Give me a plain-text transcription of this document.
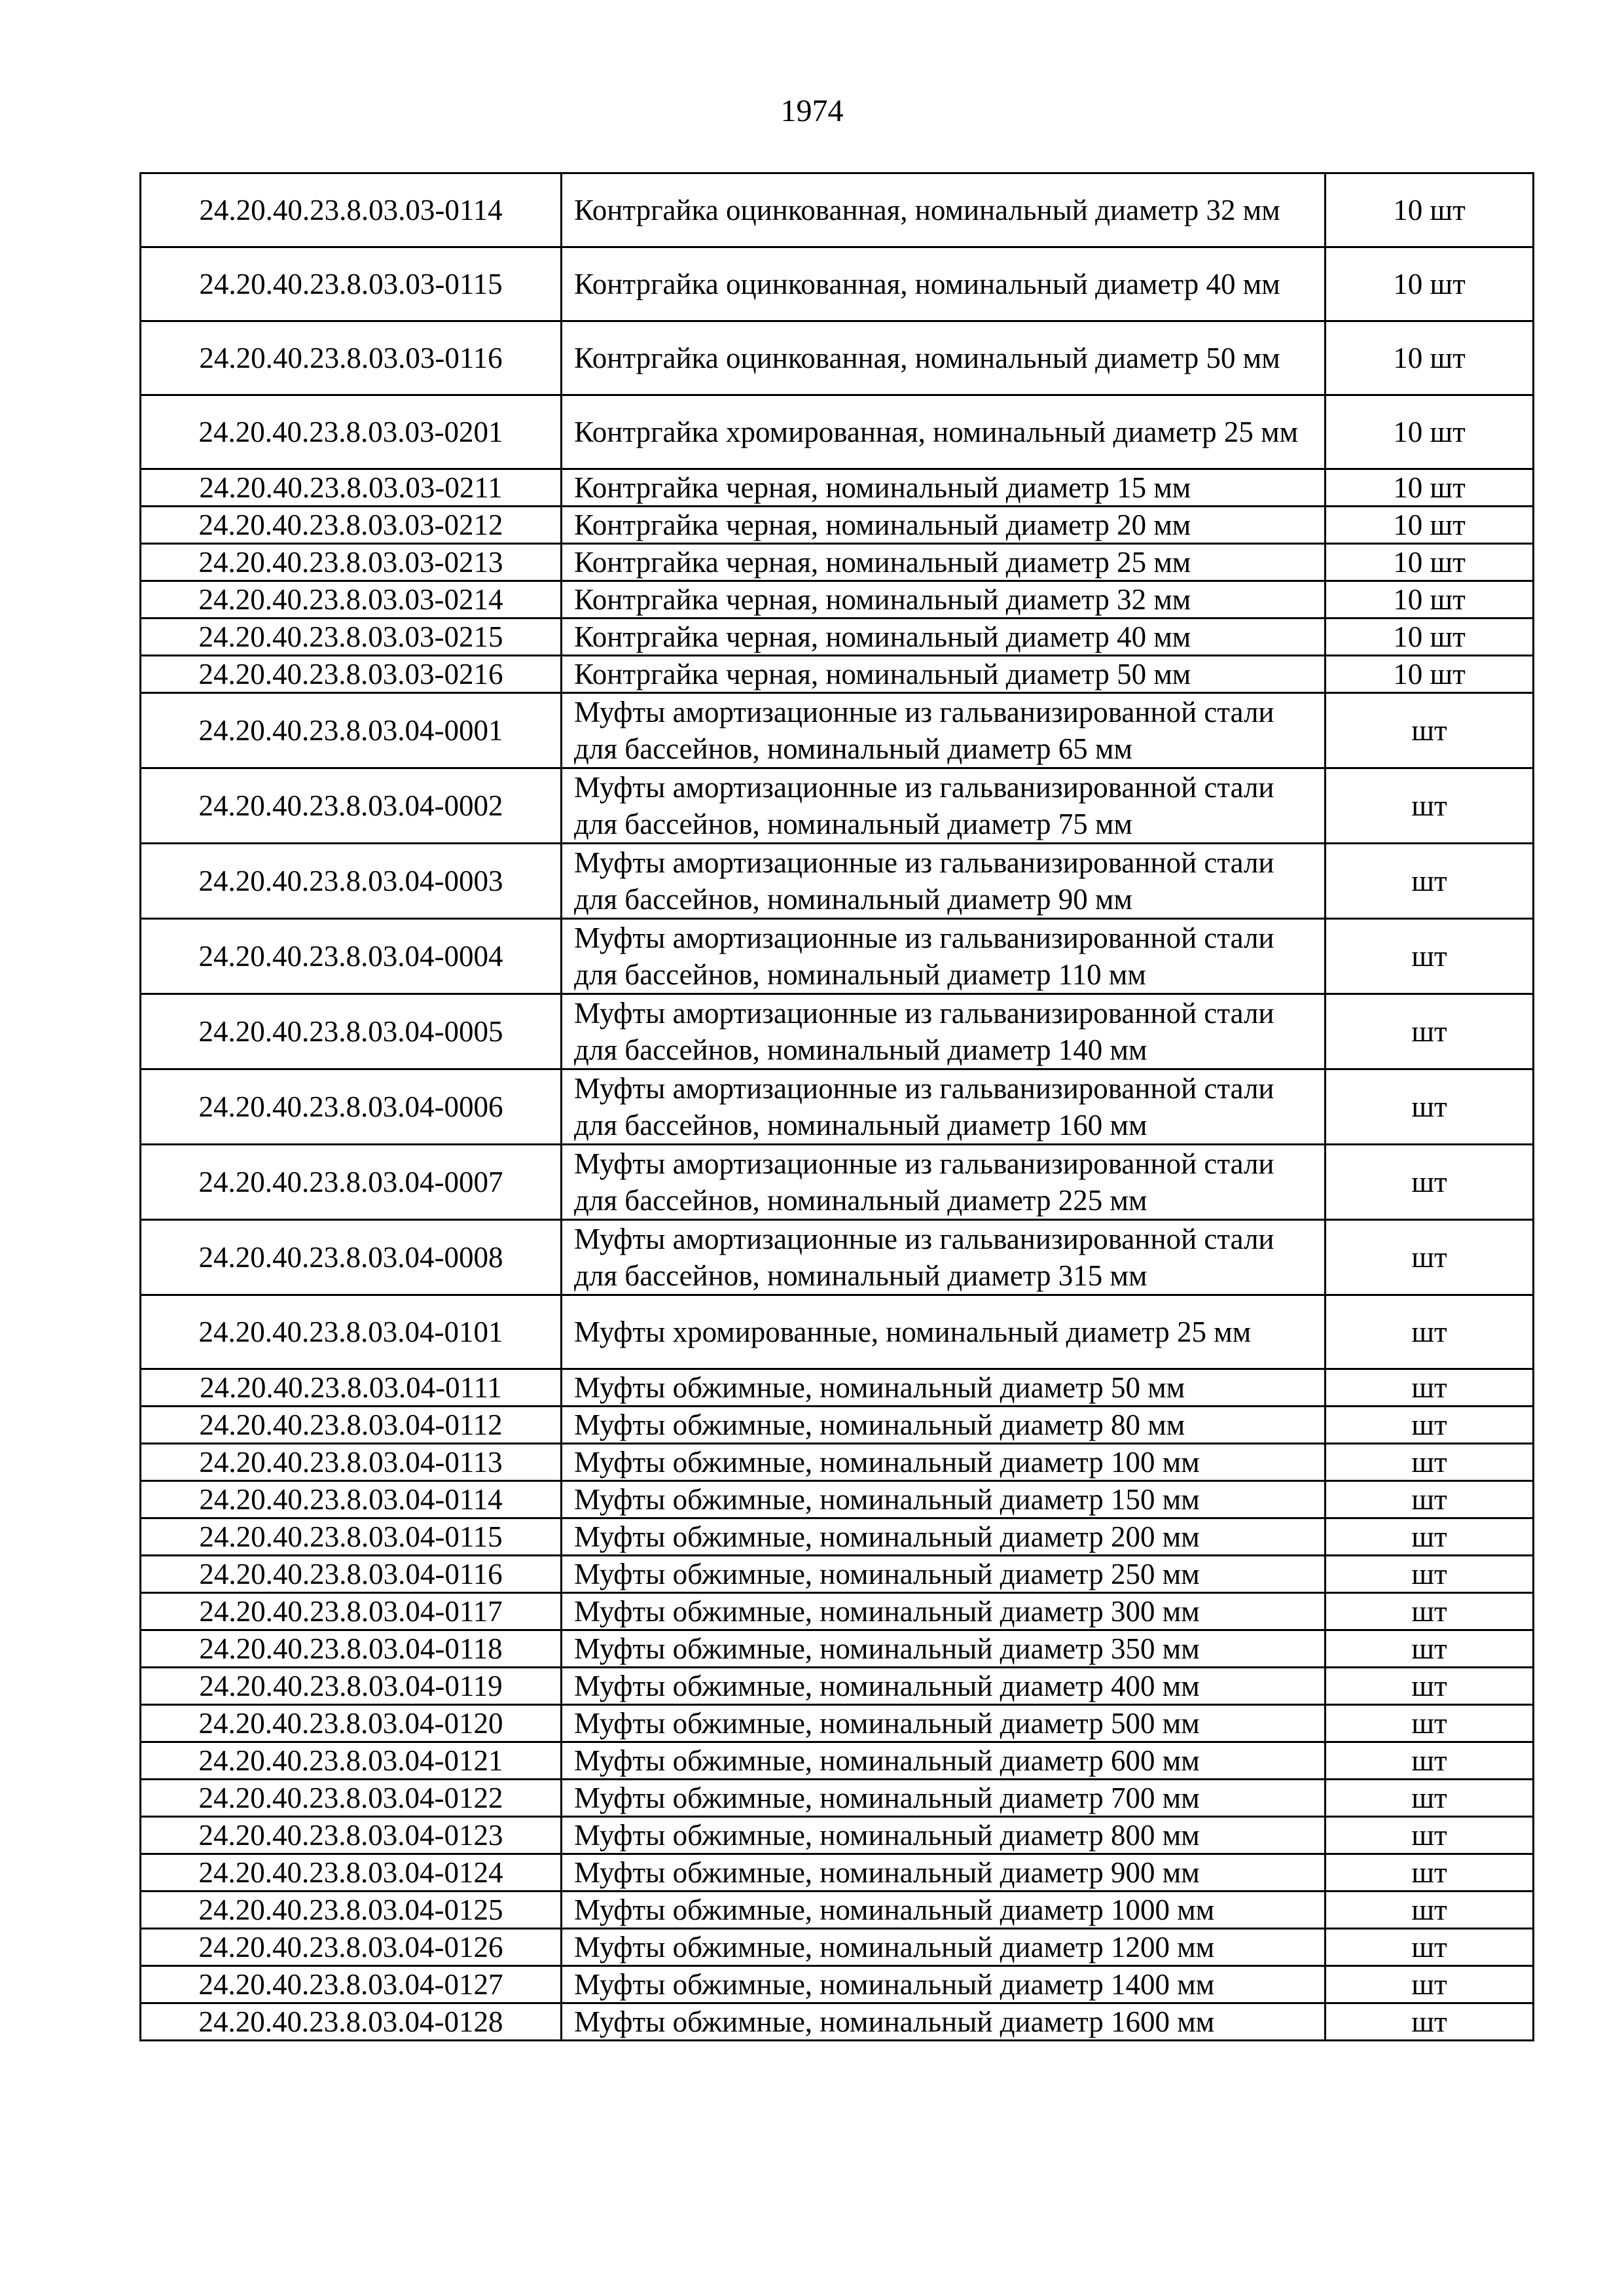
1974
24.20.40.23.8.03.03-0114	Контргайка оцинкованная, номинальный диаметр 32 мм	10 шт
24.20.40.23.8.03.03-0115	Контргайка оцинкованная, номинальный диаметр 40 мм	10 шт
24.20.40.23.8.03.03-0116	Контргайка оцинкованная, номинальный диаметр 50 мм	10 шт
24.20.40.23.8.03.03-0201	Контргайка хромированная, номинальный диаметр 25 мм	10 шт
24.20.40.23.8.03.03-0211	Контргайка черная, номинальный диаметр 15 мм	10 шт
24.20.40.23.8.03.03-0212	Контргайка черная, номинальный диаметр 20 мм	10 шт
24.20.40.23.8.03.03-0213	Контргайка черная, номинальный диаметр 25 мм	10 шт
24.20.40.23.8.03.03-0214	Контргайка черная, номинальный диаметр 32 мм	10 шт
24.20.40.23.8.03.03-0215	Контргайка черная, номинальный диаметр 40 мм	10 шт
24.20.40.23.8.03.03-0216	Контргайка черная, номинальный диаметр 50 мм	10 шт
24.20.40.23.8.03.04-0001	Муфты амортизационные из гальванизированной стали для бассейнов, номинальный диаметр 65 мм	шт
24.20.40.23.8.03.04-0002	Муфты амортизационные из гальванизированной стали для бассейнов, номинальный диаметр 75 мм	шт
24.20.40.23.8.03.04-0003	Муфты амортизационные из гальванизированной стали для бассейнов, номинальный диаметр 90 мм	шт
24.20.40.23.8.03.04-0004	Муфты амортизационные из гальванизированной стали для бассейнов, номинальный диаметр 110 мм	шт
24.20.40.23.8.03.04-0005	Муфты амортизационные из гальванизированной стали для бассейнов, номинальный диаметр 140 мм	шт
24.20.40.23.8.03.04-0006	Муфты амортизационные из гальванизированной стали для бассейнов, номинальный диаметр 160 мм	шт
24.20.40.23.8.03.04-0007	Муфты амортизационные из гальванизированной стали для бассейнов, номинальный диаметр 225 мм	шт
24.20.40.23.8.03.04-0008	Муфты амортизационные из гальванизированной стали для бассейнов, номинальный диаметр 315 мм	шт
24.20.40.23.8.03.04-0101	Муфты хромированные, номинальный диаметр 25 мм	шт
24.20.40.23.8.03.04-0111	Муфты обжимные, номинальный диаметр 50 мм	шт
24.20.40.23.8.03.04-0112	Муфты обжимные, номинальный диаметр 80 мм	шт
24.20.40.23.8.03.04-0113	Муфты обжимные, номинальный диаметр 100 мм	шт
24.20.40.23.8.03.04-0114	Муфты обжимные, номинальный диаметр 150 мм	шт
24.20.40.23.8.03.04-0115	Муфты обжимные, номинальный диаметр 200 мм	шт
24.20.40.23.8.03.04-0116	Муфты обжимные, номинальный диаметр 250 мм	шт
24.20.40.23.8.03.04-0117	Муфты обжимные, номинальный диаметр 300 мм	шт
24.20.40.23.8.03.04-0118	Муфты обжимные, номинальный диаметр 350 мм	шт
24.20.40.23.8.03.04-0119	Муфты обжимные, номинальный диаметр 400 мм	шт
24.20.40.23.8.03.04-0120	Муфты обжимные, номинальный диаметр 500 мм	шт
24.20.40.23.8.03.04-0121	Муфты обжимные, номинальный диаметр 600 мм	шт
24.20.40.23.8.03.04-0122	Муфты обжимные, номинальный диаметр 700 мм	шт
24.20.40.23.8.03.04-0123	Муфты обжимные, номинальный диаметр 800 мм	шт
24.20.40.23.8.03.04-0124	Муфты обжимные, номинальный диаметр 900 мм	шт
24.20.40.23.8.03.04-0125	Муфты обжимные, номинальный диаметр 1000 мм	шт
24.20.40.23.8.03.04-0126	Муфты обжимные, номинальный диаметр 1200 мм	шт
24.20.40.23.8.03.04-0127	Муфты обжимные, номинальный диаметр 1400 мм	шт
24.20.40.23.8.03.04-0128	Муфты обжимные, номинальный диаметр 1600 мм	шт
